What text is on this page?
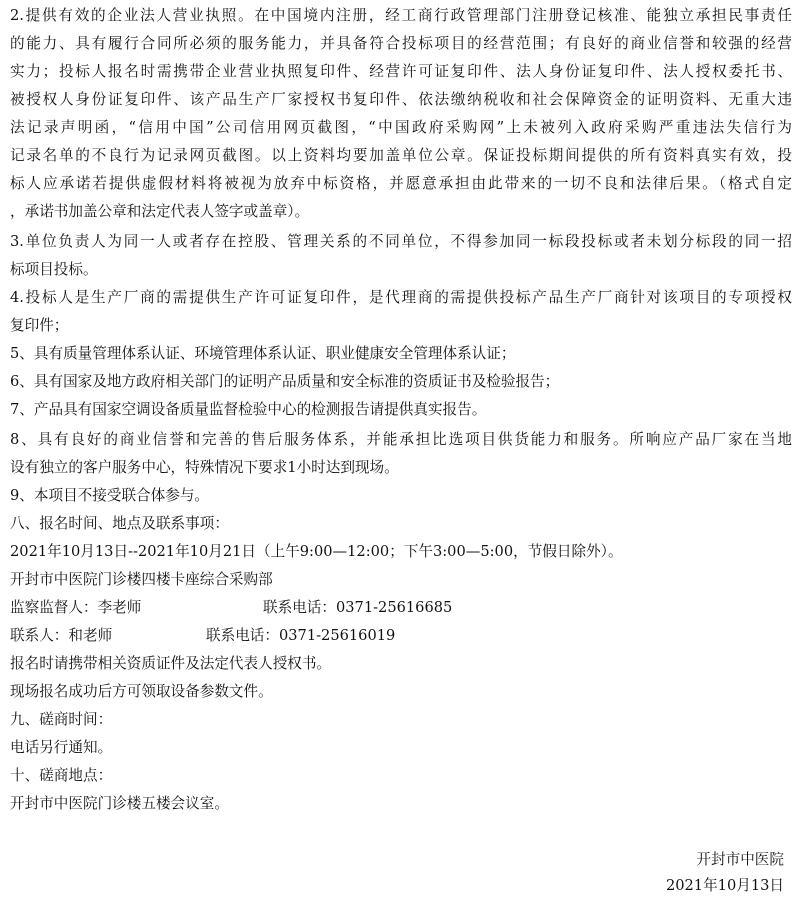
2.提供有效的企业法人营业执照。在中国境内注册，经工商行政管理部门注册登记核准、能独立承担民事责任
的能力、具有履行合同所必须的服务能力，并具备符合投标项目的经营范围；有良好的商业信誉和较强的经营
实力；投标人报名时需携带企业营业执照复印件、经营许可证复印件、法人身份证复印件、法人授权委托书、
被授权人身份证复印件、该产品生产厂家授权书复印件、依法缴纳税收和社会保障资金的证明资料、无重大违
法记录声明函，“信用中国”公司信用网页截图，“中国政府采购网”上未被列入政府采购严重违法失信行为
记录名单的不良行为记录网页截图。以上资料均要加盖单位公章。保证投标期间提供的所有资料真实有效，投
标人应承诺若提供虚假材料将被视为放弃中标资格，并愿意承担由此带来的一切不良和法律后果。（格式自定
，承诺书加盖公章和法定代表人签字或盖章）。
3.单位负责人为同一人或者存在控股、管理关系的不同单位，不得参加同一标段投标或者未划分标段的同一招
标项目投标。
4.投标人是生产厂商的需提供生产许可证复印件，是代理商的需提供投标产品生产厂商针对该项目的专项授权
复印件；
5、具有质量管理体系认证、环境管理体系认证、职业健康安全管理体系认证；
6、具有国家及地方政府相关部门的证明产品质量和安全标准的资质证书及检验报告；
7、产品具有国家空调设备质量监督检验中心的检测报告请提供真实报告。
8、具有良好的商业信誉和完善的售后服务体系，并能承担比选项目供货能力和服务。所响应产品厂家在当地
设有独立的客户服务中心，特殊情况下要求1小时达到现场。
9、本项目不接受联合体参与。
八、报名时间、地点及联系事项：
2021年10月13日--2021年10月21日（上午9:00—12:00；下午3:00—5:00，节假日除外）。
开封市中医院门诊楼四楼卡座综合采购部
监察监督人：李老师	联系电话：0371-25616685
联系人：和老师	联系电话：0371-25616019
报名时请携带相关资质证件及法定代表人授权书。
现场报名成功后方可领取设备参数文件。
九、磋商时间：
电话另行通知。
十、磋商地点：
开封市中医院门诊楼五楼会议室。
开封市中医院
2021年10月13日
